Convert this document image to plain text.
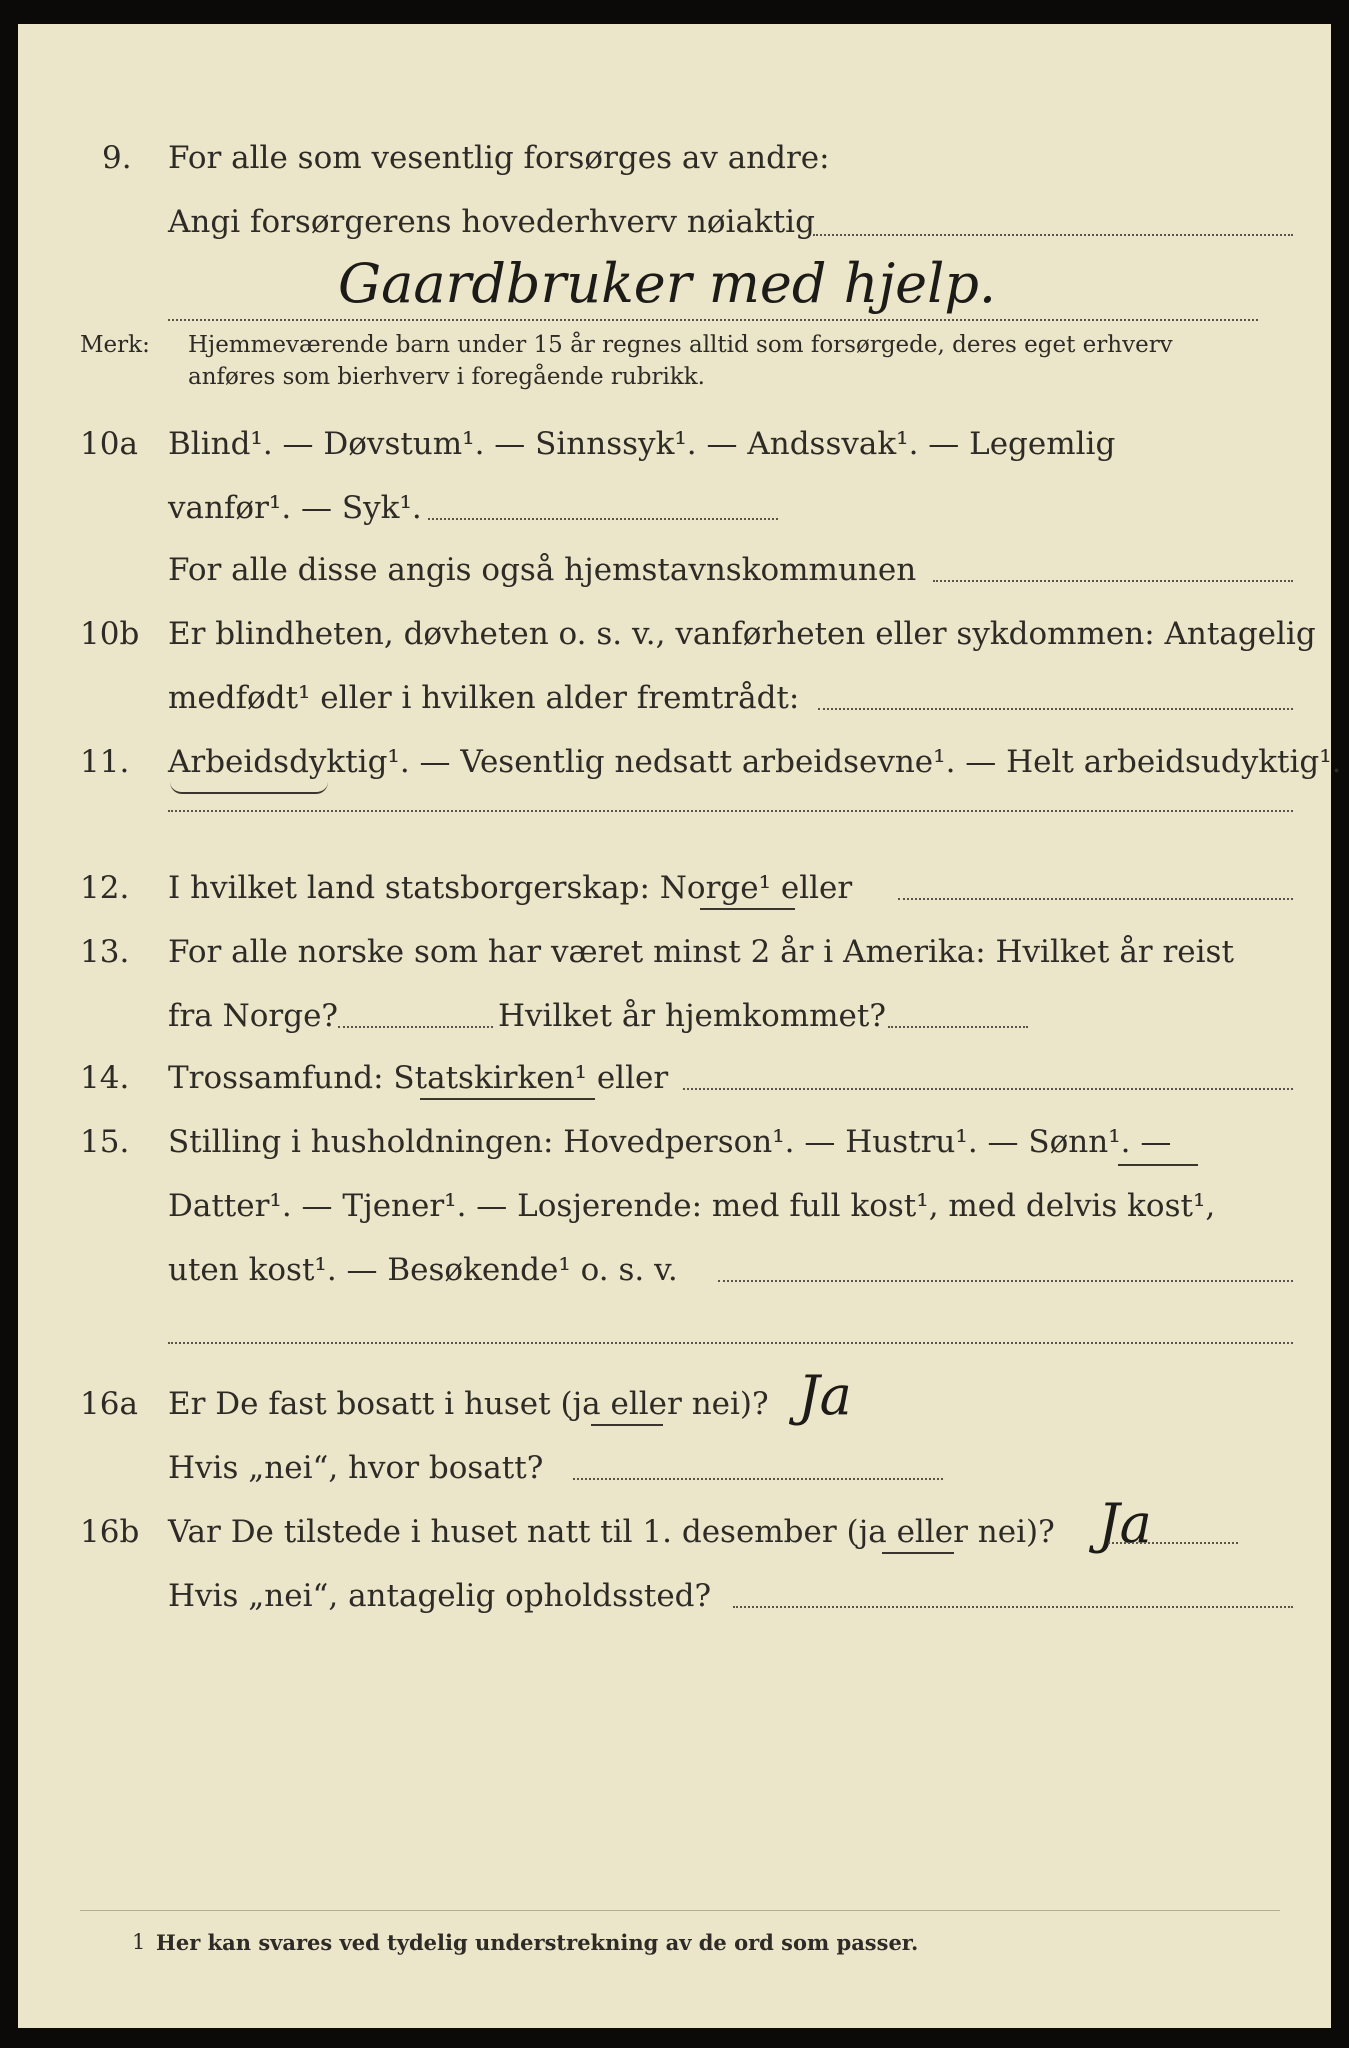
9. For alle som vesentlig forsørges av andre:
Angi forsørgerens hovederhverv nøiaktig
Gaardbruker med hjelp.
Merk: Hjemmeværende barn under 15 år regnes alltid som forsørgede, deres eget erhverv
anføres som bierhverv i foregående rubrikk.
10a Blind¹. — Døvstum¹. — Sinnssyk¹. — Andssvak¹. — Legemlig
vanfør¹. — Syk¹.
For alle disse angis også hjemstavnskommunen
10b Er blindheten, døvheten o. s. v., vanførheten eller sykdommen: Antagelig
medfødt¹ eller i hvilken alder fremtrådt:
11. Arbeidsdyktig¹. — Vesentlig nedsatt arbeidsevne¹. — Helt arbeidsudyktig¹.
12. I hvilket land statsborgerskap: Norge¹ eller
13. For alle norske som har været minst 2 år i Amerika: Hvilket år reist
fra Norge?	Hvilket år hjemkommet?
14. Trossamfund: Statskirken¹ eller
15. Stilling i husholdningen: Hovedperson¹. — Hustru¹. — Sønn¹. —
Datter¹. — Tjener¹. — Losjerende: med full kost¹, med delvis kost¹,
uten kost¹. — Besøkende¹ o. s. v.
16a Er De fast bosatt i huset (ja eller nei)? Ja
Hvis „nei“, hvor bosatt?
16b Var De tilstede i huset natt til 1. desember (ja eller nei)? Ja
Hvis „nei“, antagelig opholdssted?
1 Her kan svares ved tydelig understrekning av de ord som passer.
